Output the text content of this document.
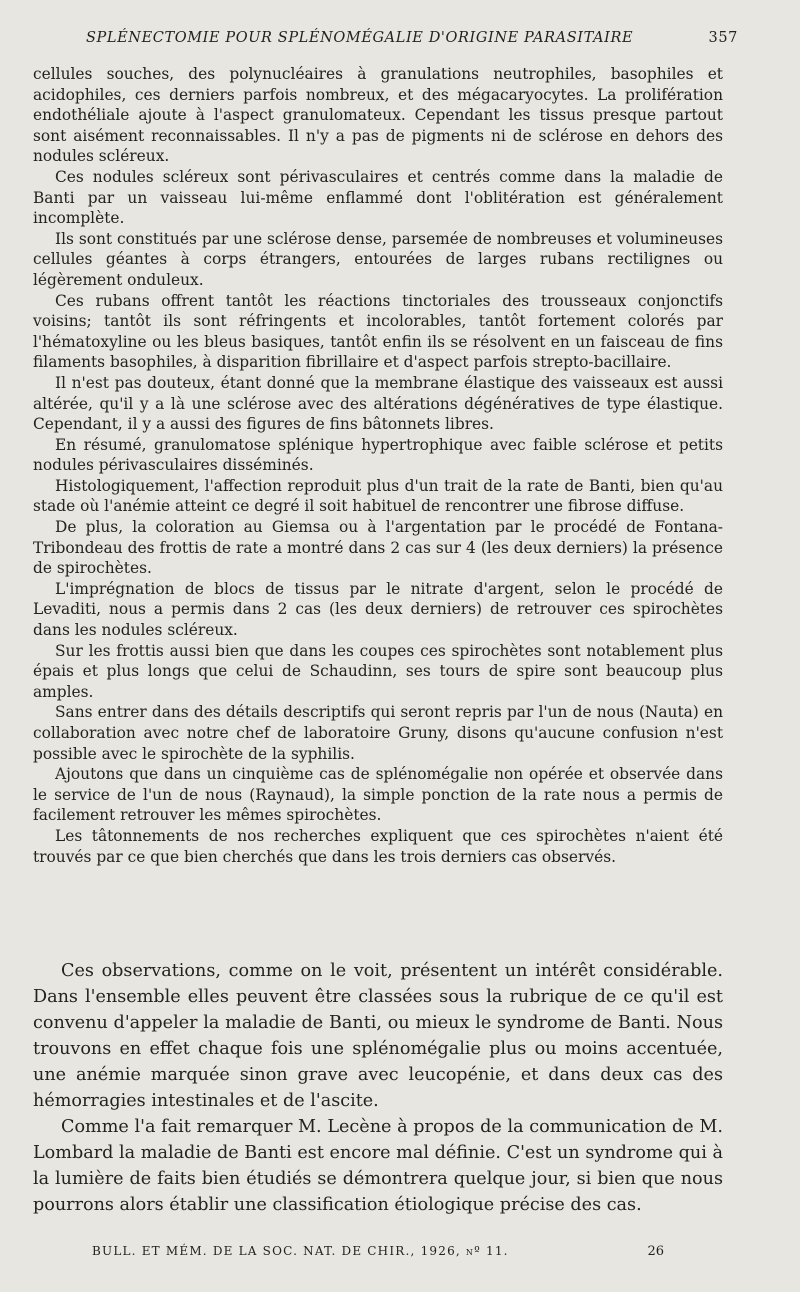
SPLÉNECTOMIE POUR SPLÉNOMÉGALIE D'ORIGINE PARASITAIRE	357

cellules souches, des polynucléaires à granulations neutrophiles, basophiles et acidophiles, ces derniers parfois nombreux, et des mégacaryocytes. La prolifération endothéliale ajoute à l'aspect granulomateux. Cependant les tissus presque partout sont aisément reconnaissables. Il n'y a pas de pigments ni de sclérose en dehors des nodules scléreux.

Ces nodules scléreux sont périvasculaires et centrés comme dans la maladie de Banti par un vaisseau lui-même enflammé dont l'oblitération est généralement incomplète.

Ils sont constitués par une sclérose dense, parsemée de nombreuses et volumineuses cellules géantes à corps étrangers, entourées de larges rubans rectilignes ou légèrement onduleux.

Ces rubans offrent tantôt les réactions tinctoriales des trousseaux conjonctifs voisins; tantôt ils sont réfringents et incolorables, tantôt fortement colorés par l'hématoxyline ou les bleus basiques, tantôt enfin ils se résolvent en un faisceau de fins filaments basophiles, à disparition fibrillaire et d'aspect parfois strepto-bacillaire.

Il n'est pas douteux, étant donné que la membrane élastique des vaisseaux est aussi altérée, qu'il y a là une sclérose avec des altérations dégénératives de type élastique. Cependant, il y a aussi des figures de fins bâtonnets libres.

En résumé, granulomatose splénique hypertrophique avec faible sclérose et petits nodules périvasculaires disséminés.

Histologiquement, l'affection reproduit plus d'un trait de la rate de Banti, bien qu'au stade où l'anémie atteint ce degré il soit habituel de rencontrer une fibrose diffuse.

De plus, la coloration au Giemsa ou à l'argentation par le procédé de Fontana-Tribondeau des frottis de rate a montré dans 2 cas sur 4 (les deux derniers) la présence de spirochètes.

L'imprégnation de blocs de tissus par le nitrate d'argent, selon le procédé de Levaditi, nous a permis dans 2 cas (les deux derniers) de retrouver ces spirochètes dans les nodules scléreux.

Sur les frottis aussi bien que dans les coupes ces spirochètes sont notablement plus épais et plus longs que celui de Schaudinn, ses tours de spire sont beaucoup plus amples.

Sans entrer dans des détails descriptifs qui seront repris par l'un de nous (Nauta) en collaboration avec notre chef de laboratoire Gruny, disons qu'aucune confusion n'est possible avec le spirochète de la syphilis.

Ajoutons que dans un cinquième cas de splénomégalie non opérée et observée dans le service de l'un de nous (Raynaud), la simple ponction de la rate nous a permis de facilement retrouver les mêmes spirochètes.

Les tâtonnements de nos recherches expliquent que ces spirochètes n'aient été trouvés par ce que bien cherchés que dans les trois derniers cas observés.

Ces observations, comme on le voit, présentent un intérêt considérable. Dans l'ensemble elles peuvent être classées sous la rubrique de ce qu'il est convenu d'appeler la maladie de Banti, ou mieux le syndrome de Banti. Nous trouvons en effet chaque fois une splénomégalie plus ou moins accentuée, une anémie marquée sinon grave avec leucopénie, et dans deux cas des hémorragies intestinales et de l'ascite.

Comme l'a fait remarquer M. Lecène à propos de la communication de M. Lombard la maladie de Banti est encore mal définie. C'est un syndrome qui à la lumière de faits bien étudiés se démontrera quelque jour, si bien que nous pourrons alors établir une classification étiologique précise des cas.

BULL. ET MÉM. DE LA SOC. NAT. DE CHIR., 1926, nº 11.	26
